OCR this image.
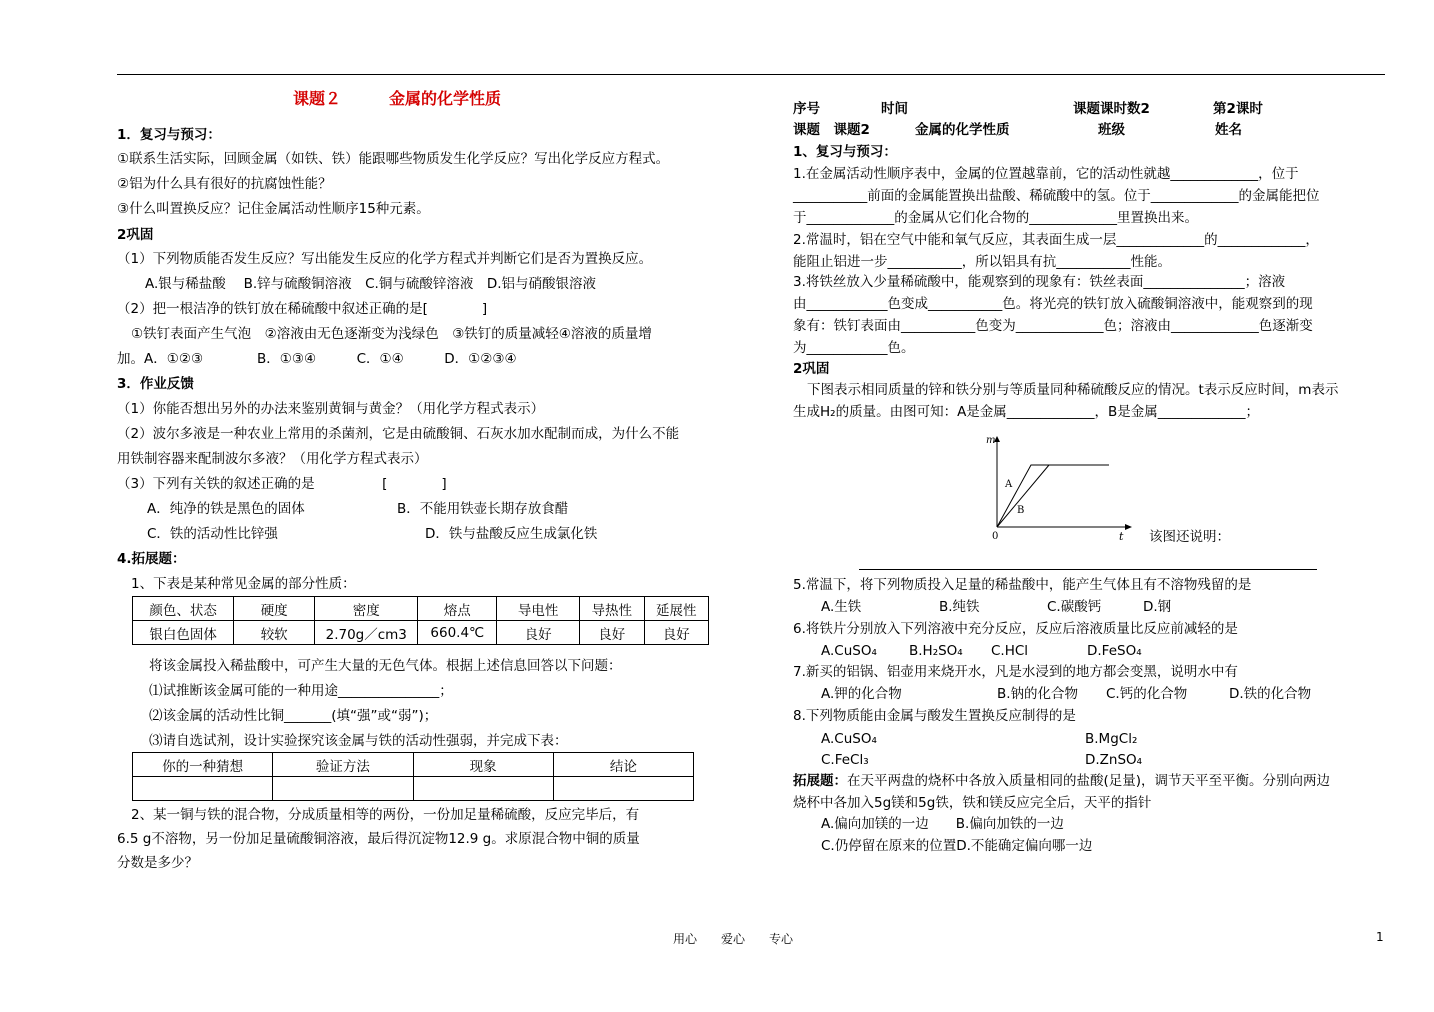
课题２　　　金属的化学性质
1．复习与预习：
①联系生活实际，回顾金属（如铁、铁）能跟哪些物质发生化学反应？写出化学反应方程式。
②铝为什么具有很好的抗腐蚀性能？
③什么叫置换反应？记住金属活动性顺序15种元素。
2巩固
（1）下列物质能否发生反应？写出能发生反应的化学方程式并判断它们是否为置换反应。
A.银与稀盐酸　 B.锌与硫酸铜溶液　C.铜与硫酸锌溶液　D.铝与硝酸银溶液
（2）把一根洁净的铁钉放在稀硫酸中叙述正确的是[　　　　]
①铁钉表面产生气泡　②溶液由无色逐渐变为浅绿色　③铁钉的质量减轻④溶液的质量增
加。A．①②③　　　　B．①③④　　　C．①④　　　D．①②③④
3．作业反馈
（1）你能否想出另外的办法来鉴别黄铜与黄金？（用化学方程式表示）
（2）波尔多液是一种农业上常用的杀菌剂，它是由硫酸铜、石灰水加水配制而成，为什么不能
用铁制容器来配制波尔多液？（用化学方程式表示）
（3）下列有关铁的叙述正确的是　　　　　[　　　　]
A．纯净的铁是黑色的固体	B．不能用铁壶长期存放食醋
C．铁的活动性比锌强	D．铁与盐酸反应生成氯化铁
4.拓展题：
1、下表是某种常见金属的部分性质：
颜色、状态	硬度	密度	熔点	导电性	导热性	延展性
银白色固体	较软	2.70g／cm3	660.4℃	良好	良好	良好
将该金属投入稀盐酸中，可产生大量的无色气体。根据上述信息回答以下问题：
⑴试推断该金属可能的一种用途_______________；
⑵该金属的活动性比铜_______(填“强”或“弱”)；
⑶请自选试剂，设计实验探究该金属与铁的活动性强弱，并完成下表：
你的一种猜想	验证方法	现象	结论

2、某一铜与铁的混合物，分成质量相等的两份，一份加足量稀硫酸，反应完毕后，有
6.5 g不溶物，另一份加足量硫酸铜溶液，最后得沉淀物12.9 g。求原混合物中铜的质量
分数是多少？
序号	时间	课题课时数2	第2课时
课题　课题2	金属的化学性质	班级	姓名
1、复习与预习：
1.在金属活动性顺序表中，金属的位置越靠前，它的活动性就越_____________，位于
___________前面的金属能置换出盐酸、稀硫酸中的氢。位于_____________的金属能把位
于_____________的金属从它们化合物的_____________里置换出来。
2.常温时，铝在空气中能和氧气反应，其表面生成一层_____________的_____________，
能阻止铝进一步___________，所以铝具有抗___________性能。
3.将铁丝放入少量稀硫酸中，能观察到的现象有：铁丝表面_______________；溶液
由____________色变成___________色。将光亮的铁钉放入硫酸铜溶液中，能观察到的现
象有：铁钉表面由___________色变为_____________色；溶液由_____________色逐渐变
为____________色。
2巩固
下图表示相同质量的锌和铁分别与等质量同种稀硫酸反应的情况。t表示反应时间，m表示
生成H₂的质量。由图可知：A是金属_____________，B是金属_____________；
m
t
0
A
B
该图还说明：
5.常温下，将下列物质投入足量的稀盐酸中，能产生气体且有不溶物残留的是
A.生铁	B.纯铁	C.碳酸钙	D.钢
6.将铁片分别放入下列溶液中充分反应，反应后溶液质量比反应前减轻的是
A.CuSO₄ B.H₂SO₄ C.HCl	D.FeSO₄
7.新买的铝锅、铝壶用来烧开水，凡是水浸到的地方都会变黑，说明水中有
A.钾的化合物	B.钠的化合物 C.钙的化合物	D.铁的化合物
8.下列物质能由金属与酸发生置换反应制得的是
A.CuSO₄	B.MgCl₂
C.FeCl₃	D.ZnSO₄
拓展题：在天平两盘的烧杯中各放入质量相同的盐酸(足量)，调节天平至平衡。分别向两边
烧杯中各加入5g镁和5g铁，铁和镁反应完全后，天平的指针
A.偏向加镁的一边　　B.偏向加铁的一边
C.仍停留在原来的位置D.不能确定偏向哪一边
用心　　爱心　　专心	1
